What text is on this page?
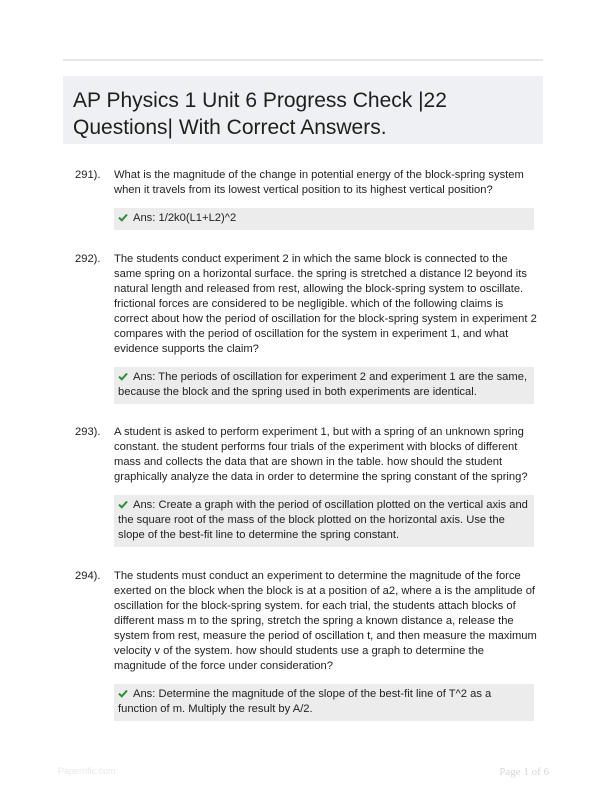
AP Physics 1 Unit 6 Progress Check |22 Questions| With Correct Answers.
291). What is the magnitude of the change in potential energy of the block-spring system when it travels from its lowest vertical position to its highest vertical position?
Ans: 1/2k0(L1+L2)^2
292). The students conduct experiment 2 in which the same block is connected to the same spring on a horizontal surface. the spring is stretched a distance l2 beyond its natural length and released from rest, allowing the block-spring system to oscillate. frictional forces are considered to be negligible. which of the following claims is correct about how the period of oscillation for the block-spring system in experiment 2 compares with the period of oscillation for the system in experiment 1, and what evidence supports the claim?
Ans: The periods of oscillation for experiment 2 and experiment 1 are the same, because the block and the spring used in both experiments are identical.
293). A student is asked to perform experiment 1, but with a spring of an unknown spring constant. the student performs four trials of the experiment with blocks of different mass and collects the data that are shown in the table. how should the student graphically analyze the data in order to determine the spring constant of the spring?
Ans: Create a graph with the period of oscillation plotted on the vertical axis and the square root of the mass of the block plotted on the horizontal axis. Use the slope of the best-fit line to determine the spring constant.
294). The students must conduct an experiment to determine the magnitude of the force exerted on the block when the block is at a position of a2, where a is the amplitude of oscillation for the block-spring system. for each trial, the students attach blocks of different mass m to the spring, stretch the spring a known distance a, release the system from rest, measure the period of oscillation t, and then measure the maximum velocity v of the system. how should students use a graph to determine the magnitude of the force under consideration?
Ans: Determine the magnitude of the slope of the best-fit line of T^2 as a function of m. Multiply the result by A/2.
Paperrific.com	Page 1 of 6
